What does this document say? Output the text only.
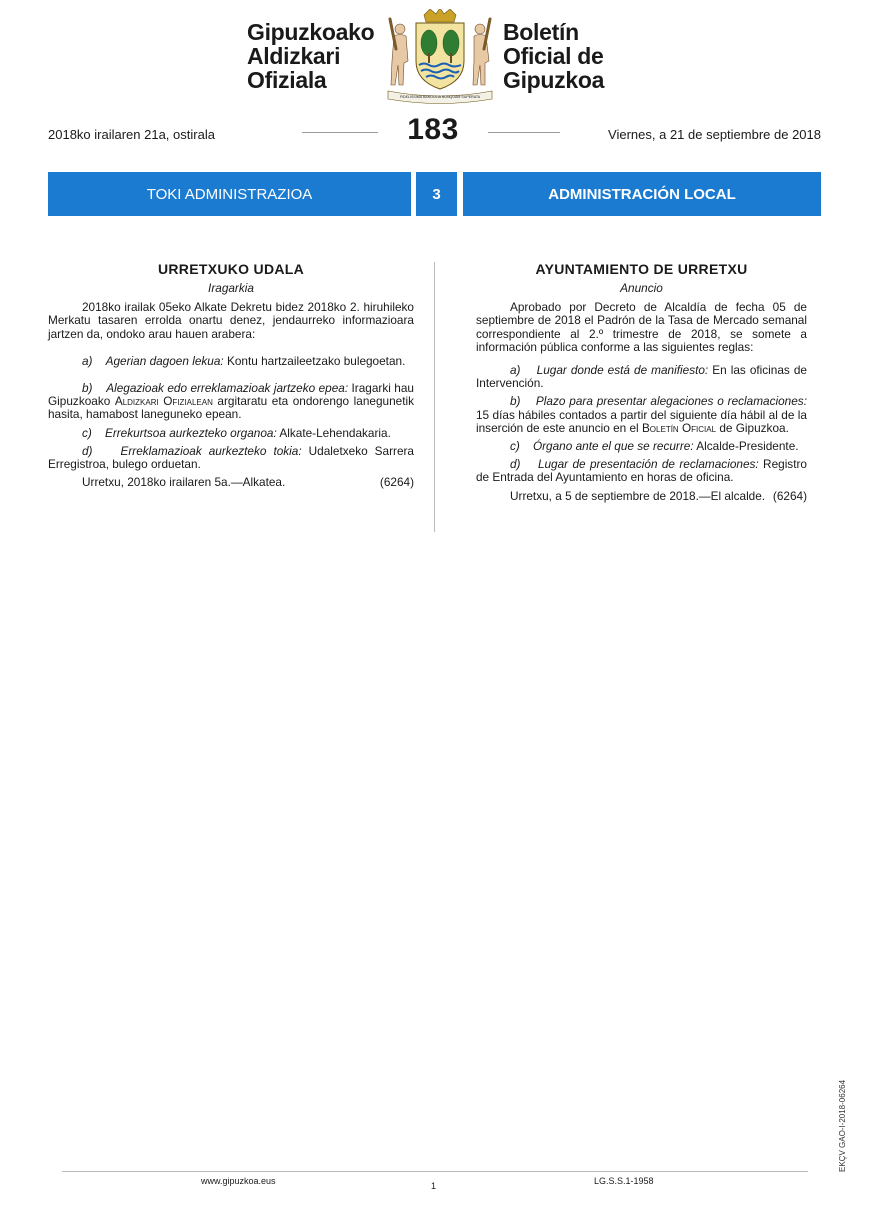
Gipuzkoako
Aldizkari
Ofiziala
FIDELISSIMA BARDULIA NUNQUAM SUPERATA
Boletín
Oficial de
Gipuzkoa
2018ko irailaren 21a, ostirala	183	Viernes, a 21 de septiembre de 2018
TOKI ADMINISTRAZIOA	3	ADMINISTRACIÓN LOCAL
URRETXUKO UDALA
Iragarkia

2018ko irailak 05eko Alkate Dekretu bidez 2018ko 2. hiruhileko Merkatu tasaren errolda onartu denez, jendaurreko informazioara jartzen da, ondoko arau hauen arabera:

a) Agerian dagoen lekua: Kontu hartzaileetzako bulegoetan.

b) Alegazioak edo erreklamazioak jartzeko epea: Iragarki hau Gipuzkoako Aldizkari Ofizialean argitaratu eta ondorengo lanegunetik hasita, hamabost laneguneko epean.

c) Errekurtsoa aurkezteko organoa: Alkate-Lehendakaria.

d) Erreklamazioak aurkezteko tokia: Udaletxeko Sarrera Erregistroa, bulego orduetan.

Urretxu, 2018ko irailaren 5a.—Alkatea.	(6264)
AYUNTAMIENTO DE URRETXU
Anuncio

Aprobado por Decreto de Alcaldía de fecha 05 de septiembre de 2018 el Padrón de la Tasa de Mercado semanal correspondiente al 2.º trimestre de 2018, se somete a información pública conforme a las siguientes reglas:

a) Lugar donde está de manifiesto: En las oficinas de Intervención.

b) Plazo para presentar alegaciones o reclamaciones: 15 días hábiles contados a partir del siguiente día hábil al de la inserción de este anuncio en el Boletín Oficial de Gipuzkoa.

c) Órgano ante el que se recurre: Alcalde-Presidente.

d) Lugar de presentación de reclamaciones: Registro de Entrada del Ayuntamiento en horas de oficina.

Urretxu, a 5 de septiembre de 2018.—El alcalde. (6264)
www.gipuzkoa.eus	1	LG.S.S.1-1958
EKÇV GAO-I-2018-06264
